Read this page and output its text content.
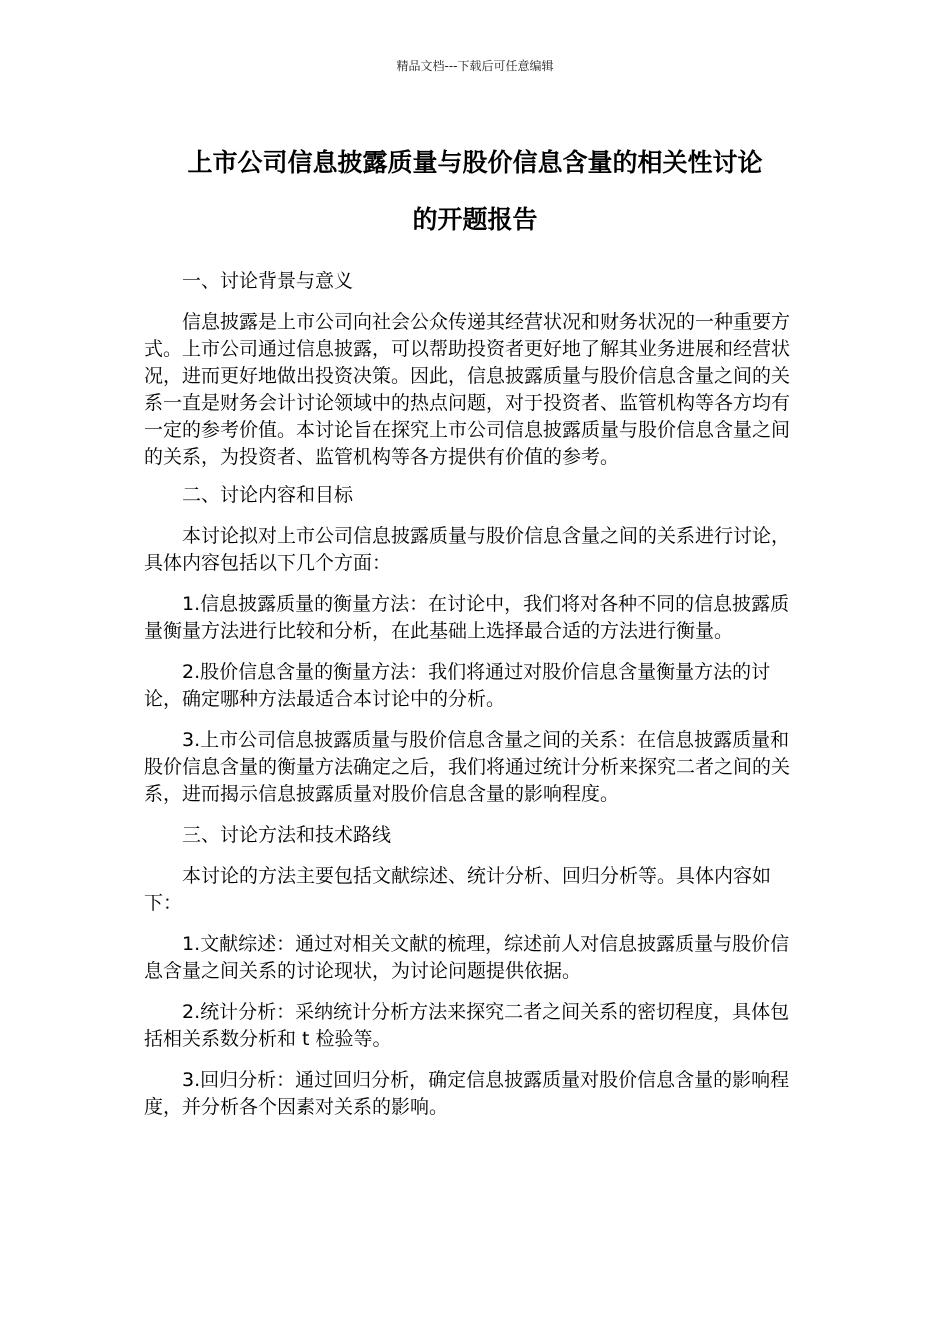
精品文档---下载后可任意编辑
上市公司信息披露质量与股价信息含量的相关性讨论
的开题报告

一、讨论背景与意义

信息披露是上市公司向社会公众传递其经营状况和财务状况的一种重要方式。上市公司通过信息披露，可以帮助投资者更好地了解其业务进展和经营状况，进而更好地做出投资决策。因此，信息披露质量与股价信息含量之间的关系一直是财务会计讨论领域中的热点问题，对于投资者、监管机构等各方均有一定的参考价值。本讨论旨在探究上市公司信息披露质量与股价信息含量之间的关系，为投资者、监管机构等各方提供有价值的参考。

二、讨论内容和目标

本讨论拟对上市公司信息披露质量与股价信息含量之间的关系进行讨论，具体内容包括以下几个方面：

1.信息披露质量的衡量方法：在讨论中，我们将对各种不同的信息披露质量衡量方法进行比较和分析，在此基础上选择最合适的方法进行衡量。

2.股价信息含量的衡量方法：我们将通过对股价信息含量衡量方法的讨论，确定哪种方法最适合本讨论中的分析。

3.上市公司信息披露质量与股价信息含量之间的关系：在信息披露质量和股价信息含量的衡量方法确定之后，我们将通过统计分析来探究二者之间的关系，进而揭示信息披露质量对股价信息含量的影响程度。

三、讨论方法和技术路线

本讨论的方法主要包括文献综述、统计分析、回归分析等。具体内容如下：

1.文献综述：通过对相关文献的梳理，综述前人对信息披露质量与股价信息含量之间关系的讨论现状，为讨论问题提供依据。

2.统计分析：采纳统计分析方法来探究二者之间关系的密切程度，具体包括相关系数分析和 t 检验等。

3.回归分析：通过回归分析，确定信息披露质量对股价信息含量的影响程度，并分析各个因素对关系的影响。
